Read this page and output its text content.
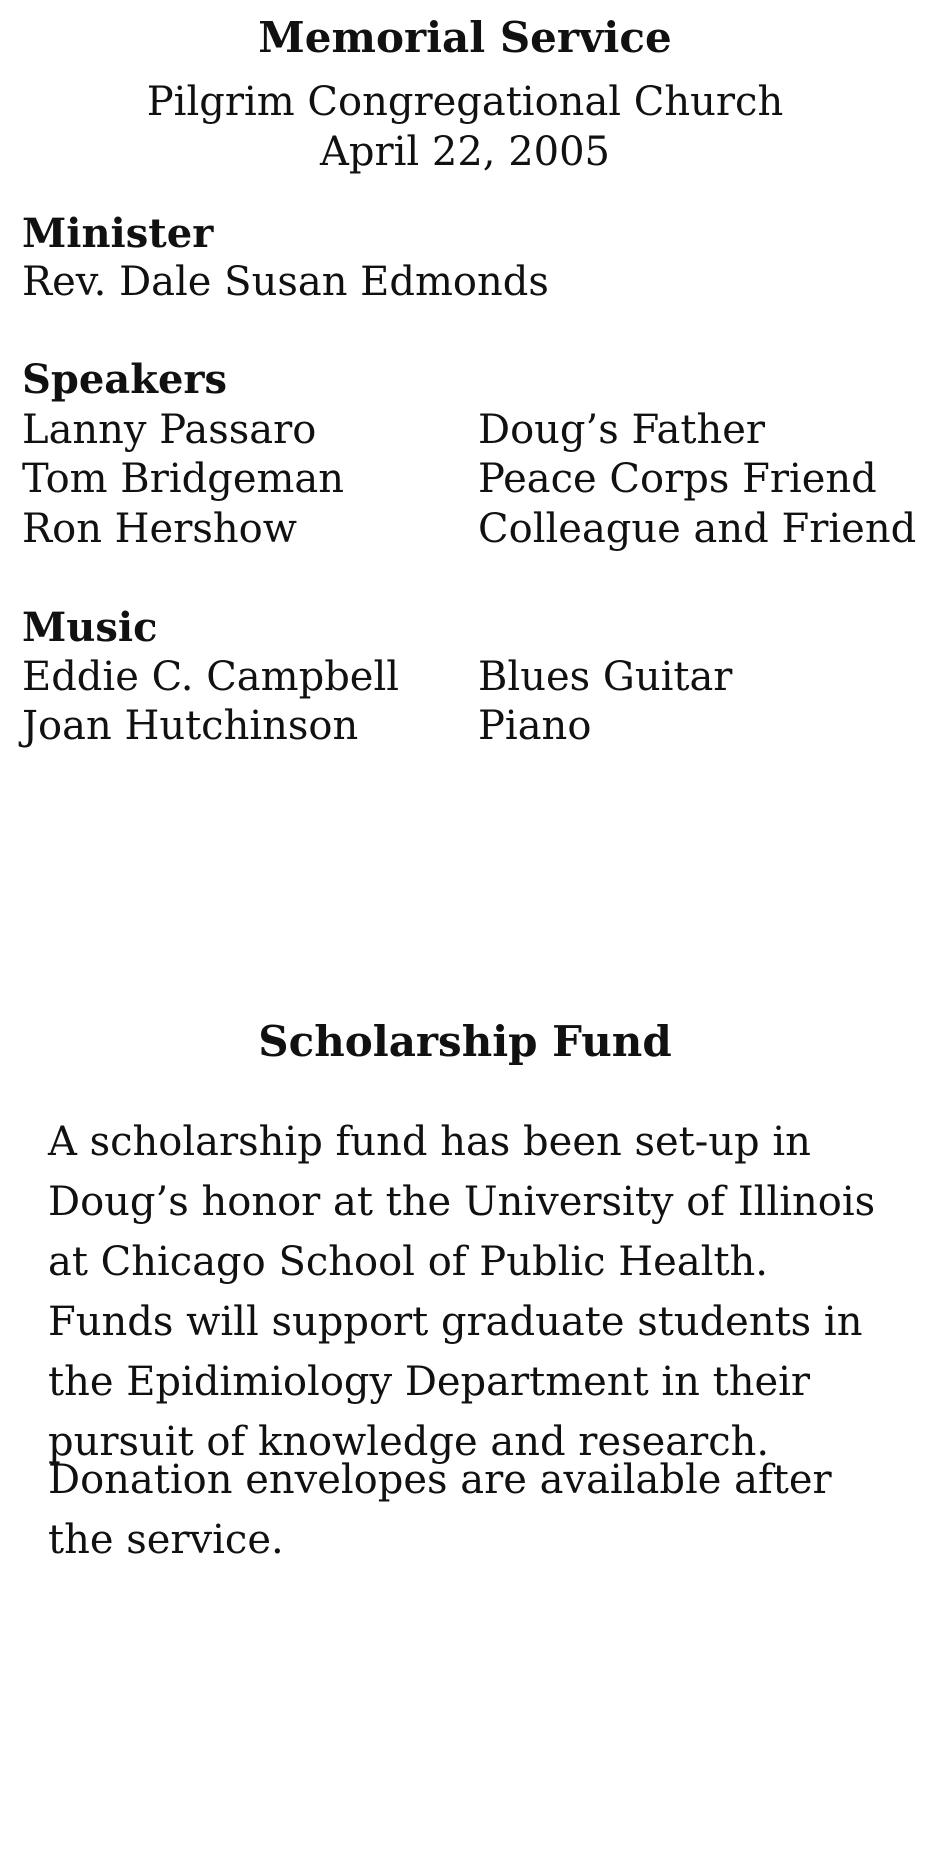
Memorial Service
Pilgrim Congregational Church
April 22, 2005
Minister
Rev. Dale Susan Edmonds
Speakers
Lanny Passaro	Doug’s Father
Tom Bridgeman	Peace Corps Friend
Ron Hershow	Colleague and Friend
Music
Eddie C. Campbell Blues Guitar
Joan Hutchinson	Piano
Scholarship Fund
A scholarship fund has been set-up in
Doug’s honor at the University of Illinois
at Chicago School of Public Health.
Funds will support graduate students in
the Epidimiology Department in their
pursuit of knowledge and research.
Donation envelopes are available after
the service.
